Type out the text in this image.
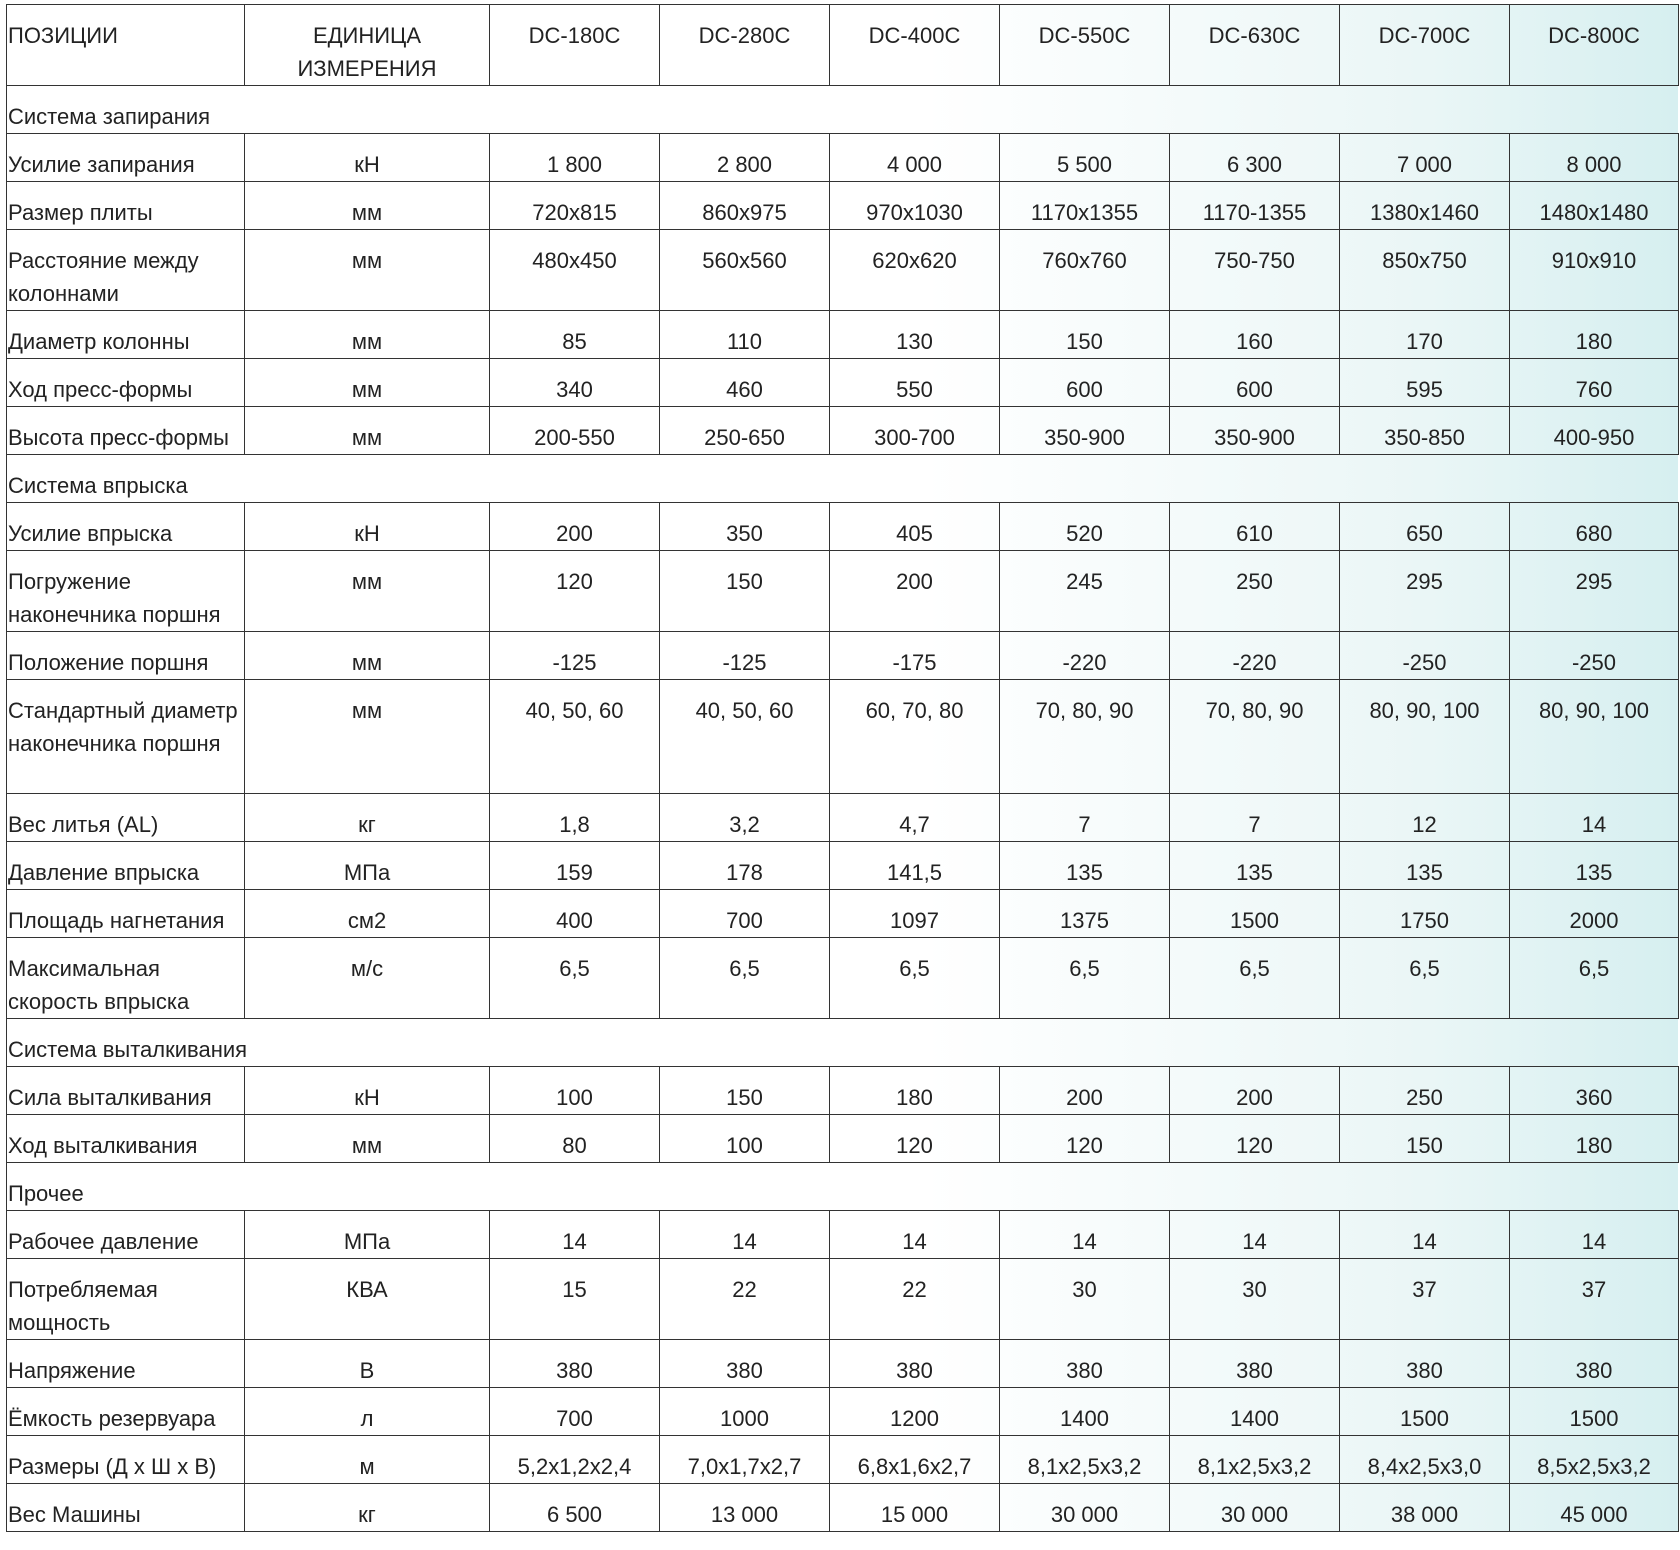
ПОЗИЦИИ	ЕДИНИЦА ИЗМЕРЕНИЯ	DC-180C	DC-280C	DC-400C	DC-550C	DC-630C	DC-700C	DC-800C
Система запирания								
Усилие запирания	кН	1 800	2 800	4 000	5 500	6 300	7 000	8 000
Размер плиты	мм	720x815	860x975	970x1030	1170x1355	1170-1355	1380x1460	1480x1480
Расстояние между колоннами	мм	480x450	560x560	620x620	760x760	750-750	850x750	910x910
Диаметр колонны	мм	85	110	130	150	160	170	180
Ход пресс-формы	мм	340	460	550	600	600	595	760
Высота пресс-формы	мм	200-550	250-650	300-700	350-900	350-900	350-850	400-950
Система впрыска								
Усилие впрыска	кН	200	350	405	520	610	650	680
Погружение наконечника поршня	мм	120	150	200	245	250	295	295
Положение поршня	мм	-125	-125	-175	-220	-220	-250	-250
Стандартный диаметр наконечника поршня	мм	40, 50, 60	40, 50, 60	60, 70, 80	70, 80, 90	70, 80, 90	80, 90, 100	80, 90, 100
Вес литья (AL)	кг	1,8	3,2	4,7	7	7	12	14
Давление впрыска	МПа	159	178	141,5	135	135	135	135
Площадь нагнетания	см2	400	700	1097	1375	1500	1750	2000
Максимальная скорость впрыска	м/с	6,5	6,5	6,5	6,5	6,5	6,5	6,5
Система выталкивания								
Сила выталкивания	кН	100	150	180	200	200	250	360
Ход выталкивания	мм	80	100	120	120	120	150	180
Прочее								
Рабочее давление	МПа	14	14	14	14	14	14	14
Потребляемая мощность	КВА	15	22	22	30	30	37	37
Напряжение	В	380	380	380	380	380	380	380
Ёмкость резервуара	л	700	1000	1200	1400	1400	1500	1500
Размеры (Д х Ш х В)	м	5,2x1,2x2,4	7,0x1,7x2,7	6,8x1,6x2,7	8,1x2,5x3,2	8,1x2,5x3,2	8,4x2,5x3,0	8,5x2,5x3,2
Вес Машины	кг	6 500	13 000	15 000	30 000	30 000	38 000	45 000
